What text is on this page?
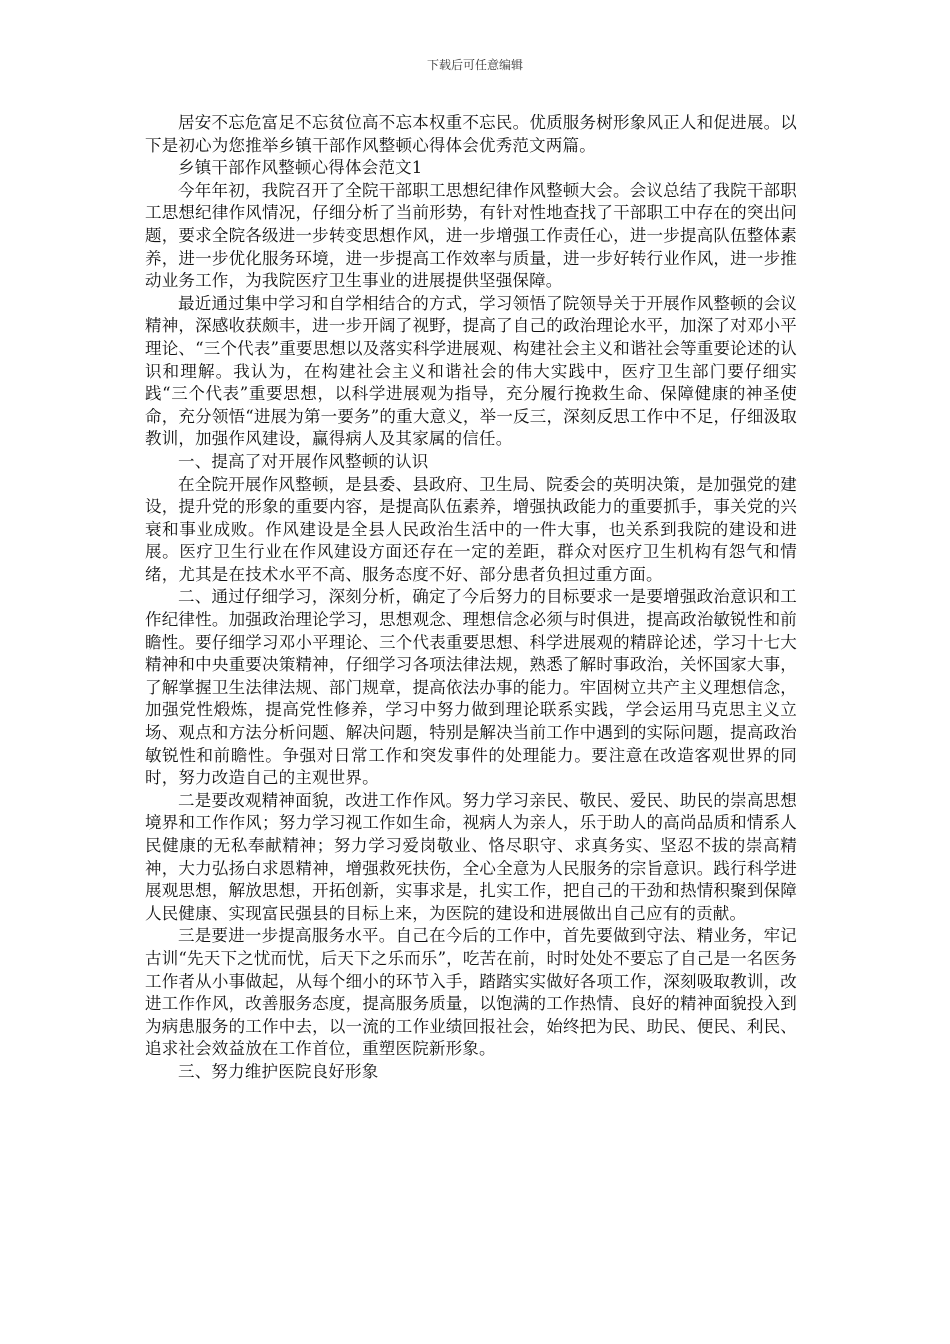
下载后可任意编辑

居安不忘危富足不忘贫位高不忘本权重不忘民。优质服务树形象风正人和促进展。以下是初心为您推举乡镇干部作风整顿心得体会优秀范文两篇。

乡镇干部作风整顿心得体会范文1

今年年初，我院召开了全院干部职工思想纪律作风整顿大会。会议总结了我院干部职工思想纪律作风情况，仔细分析了当前形势，有针对性地查找了干部职工中存在的突出问题，要求全院各级进一步转变思想作风，进一步增强工作责任心，进一步提高队伍整体素养，进一步优化服务环境，进一步提高工作效率与质量，进一步好转行业作风，进一步推动业务工作，为我院医疗卫生事业的进展提供坚强保障。

最近通过集中学习和自学相结合的方式，学习领悟了院领导关于开展作风整顿的会议精神，深感收获颇丰，进一步开阔了视野，提高了自己的政治理论水平，加深了对邓小平理论、“三个代表”重要思想以及落实科学进展观、构建社会主义和谐社会等重要论述的认识和理解。我认为，在构建社会主义和谐社会的伟大实践中，医疗卫生部门要仔细实践“三个代表”重要思想，以科学进展观为指导，充分履行挽救生命、保障健康的神圣使命，充分领悟“进展为第一要务”的重大意义，举一反三，深刻反思工作中不足，仔细汲取教训，加强作风建设，赢得病人及其家属的信任。

一、提高了对开展作风整顿的认识

在全院开展作风整顿，是县委、县政府、卫生局、院委会的英明决策，是加强党的建设，提升党的形象的重要内容，是提高队伍素养，增强执政能力的重要抓手，事关党的兴衰和事业成败。作风建设是全县人民政治生活中的一件大事，也关系到我院的建设和进展。医疗卫生行业在作风建设方面还存在一定的差距，群众对医疗卫生机构有怨气和情绪，尤其是在技术水平不高、服务态度不好、部分患者负担过重方面。

二、通过仔细学习，深刻分析，确定了今后努力的目标要求一是要增强政治意识和工作纪律性。加强政治理论学习，思想观念、理想信念必须与时俱进，提高政治敏锐性和前瞻性。要仔细学习邓小平理论、三个代表重要思想、科学进展观的精辟论述，学习十七大精神和中央重要决策精神，仔细学习各项法律法规，熟悉了解时事政治，关怀国家大事，了解掌握卫生法律法规、部门规章，提高依法办事的能力。牢固树立共产主义理想信念，加强党性煅炼，提高党性修养，学习中努力做到理论联系实践，学会运用马克思主义立场、观点和方法分析问题、解决问题，特别是解决当前工作中遇到的实际问题，提高政治敏锐性和前瞻性。争强对日常工作和突发事件的处理能力。要注意在改造客观世界的同时，努力改造自己的主观世界。

二是要改观精神面貌，改进工作作风。努力学习亲民、敬民、爱民、助民的崇高思想境界和工作作风；努力学习视工作如生命，视病人为亲人，乐于助人的高尚品质和情系人民健康的无私奉献精神；努力学习爱岗敬业、恪尽职守、求真务实、坚忍不拔的崇高精神，大力弘扬白求恩精神，增强救死扶伤，全心全意为人民服务的宗旨意识。践行科学进展观思想，解放思想，开拓创新，实事求是，扎实工作，把自己的干劲和热情积聚到保障人民健康、实现富民强县的目标上来，为医院的建设和进展做出自己应有的贡献。

三是要进一步提高服务水平。自己在今后的工作中，首先要做到守法、精业务，牢记古训“先天下之忧而忧，后天下之乐而乐”，吃苦在前，时时处处不要忘了自己是一名医务工作者从小事做起，从每个细小的环节入手，踏踏实实做好各项工作，深刻吸取教训，改进工作作风，改善服务态度，提高服务质量，以饱满的工作热情、良好的精神面貌投入到为病患服务的工作中去，以一流的工作业绩回报社会，始终把为民、助民、便民、利民、追求社会效益放在工作首位，重塑医院新形象。

三、努力维护医院良好形象
